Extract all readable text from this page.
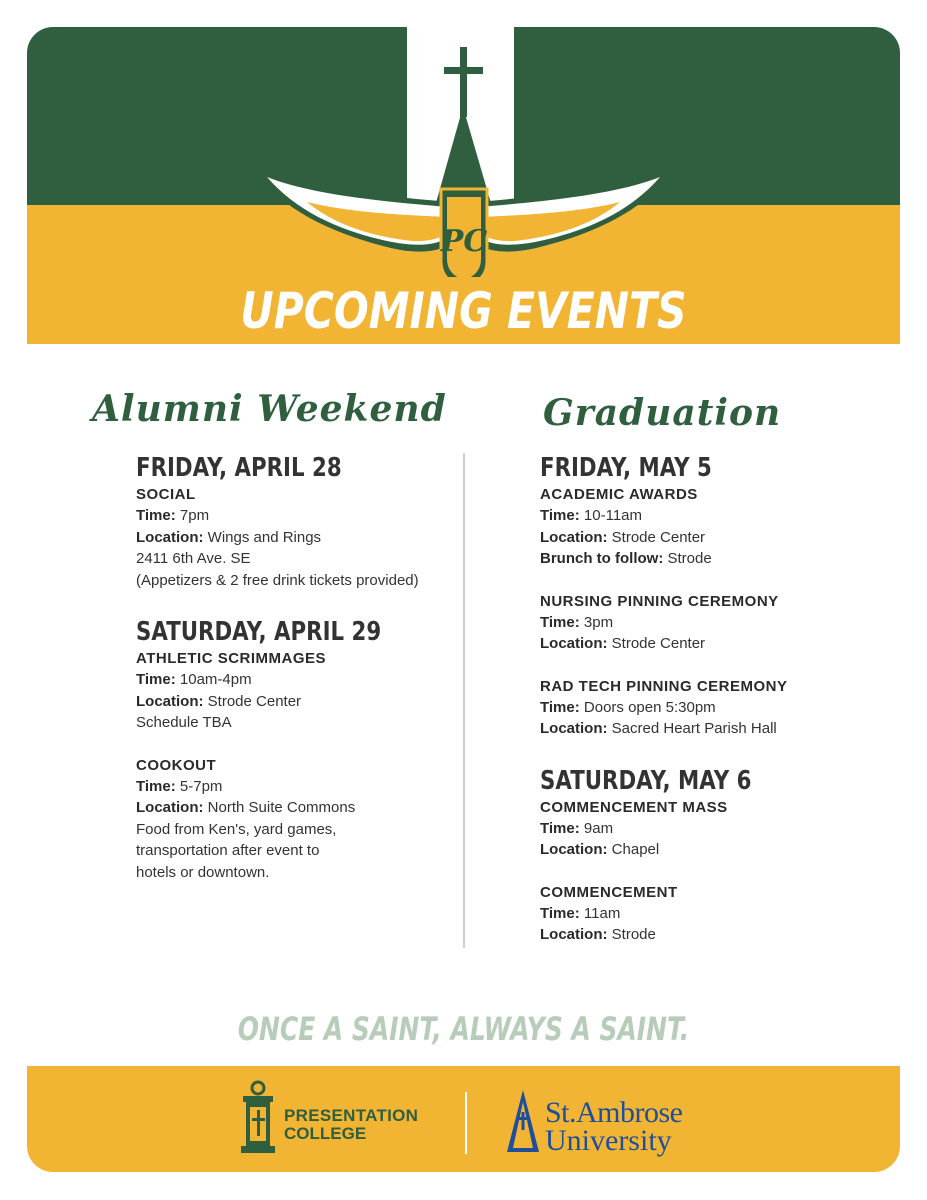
PC
UPCOMING EVENTS
Alumni Weekend	Graduation
FRIDAY, APRIL 28
SOCIAL
Time: 7pm
Location: Wings and Rings
2411 6th Ave. SE
(Appetizers & 2 free drink tickets provided)
SATURDAY, APRIL 29
ATHLETIC SCRIMMAGES
Time: 10am-4pm
Location: Strode Center
Schedule TBA
COOKOUT
Time: 5-7pm
Location: North Suite Commons
Food from Ken's, yard games,
transportation after event to
hotels or downtown.
FRIDAY, MAY 5
ACADEMIC AWARDS
Time: 10-11am
Location: Strode Center
Brunch to follow: Strode
NURSING PINNING CEREMONY
Time: 3pm
Location: Strode Center
RAD TECH PINNING CEREMONY
Time: Doors open 5:30pm
Location: Sacred Heart Parish Hall
SATURDAY, MAY 6
COMMENCEMENT MASS
Time: 9am
Location: Chapel
COMMENCEMENT
Time: 11am
Location: Strode
ONCE A SAINT, ALWAYS A SAINT.
PRESENTATION
COLLEGE
St.Ambrose
University
